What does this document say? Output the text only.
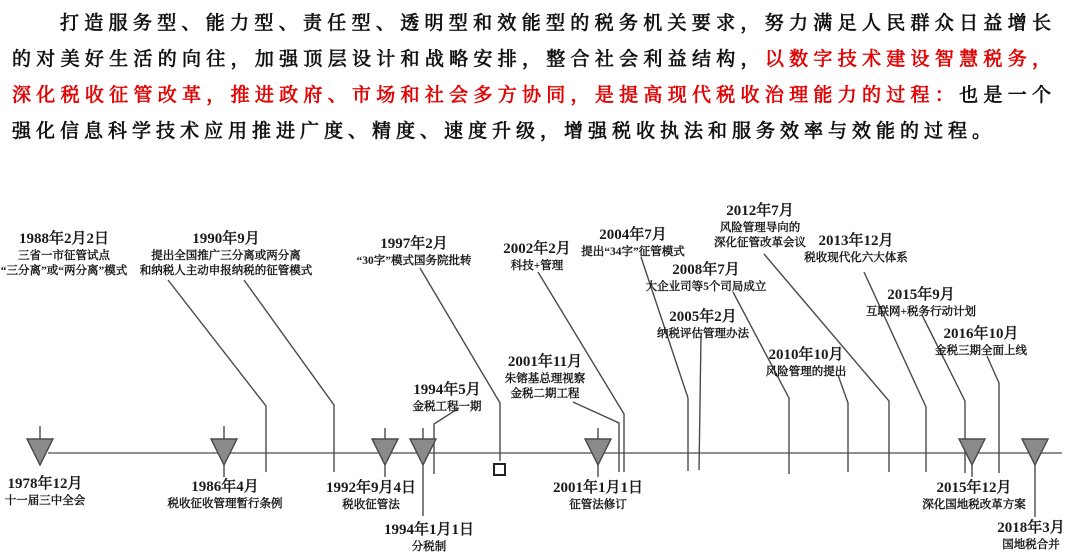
打造服务型、能力型、责任型、透明型和效能型的税务机关要求，努力满足人民群众日益增长的对美好生活的向往，加强顶层设计和战略安排，整合社会利益结构，以数字技术建设智慧税务，深化税收征管改革，推进政府、市场和社会多方协同，是提高现代税收治理能力的过程：也是一个强化信息科学技术应用推进广度、精度、速度升级，增强税收执法和服务效率与效能的过程。
1988年2月2日
三省一市征管试点
“三分离”或“两分离”模式
1990年9月
提出全国推广三分离或两分离
和纳税人主动申报纳税的征管模式
1997年2月
“30字”模式国务院批转
2002年2月
科技+管理
2004年7月
提出“34字”征管模式
2012年7月
风险管理导向的
深化征管改革会议 2013年12月
税收现代化六大体系
2008年7月
大企业司等5个司局成立
2005年2月
纳税评估管理办法
2015年9月
互联网+税务行动计划
2016年10月
金税三期全面上线
2010年10月
风险管理的提出
2001年11月
朱镕基总理视察
金税二期工程
1994年5月
金税工程一期
1978年12月
十一届三中全会
1986年4月
税收征收管理暂行条例
1992年9月4日
税收征管法
1994年1月1日
分税制
2001年1月1日
征管法修订
2015年12月
深化国地税改革方案
2018年3月
国地税合并
